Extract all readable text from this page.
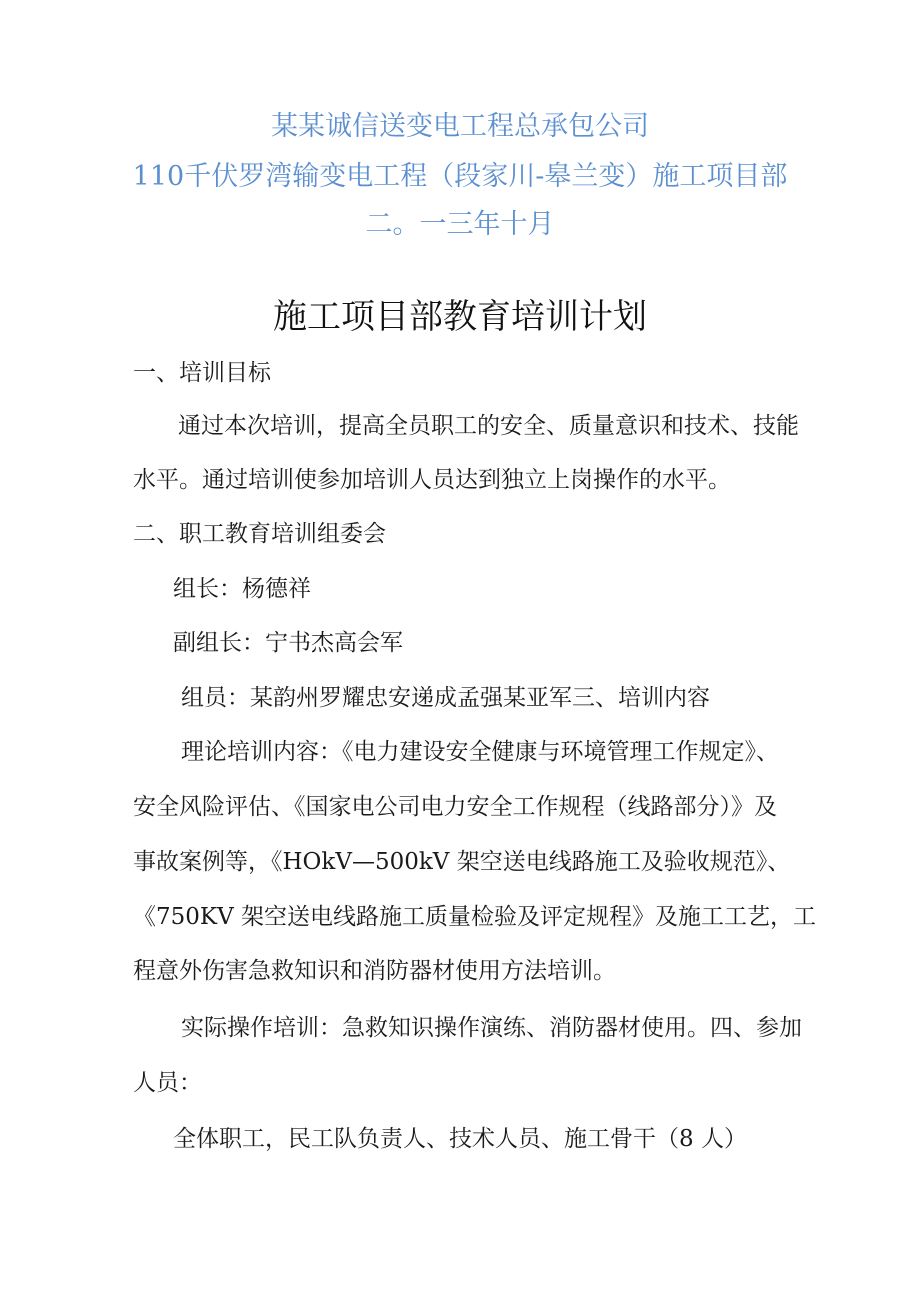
某某诚信送变电工程总承包公司
110千伏罗湾输变电工程（段家川-皋兰变）施工项目部
二。一三年十月
施工项目部教育培训计划
一、培训目标
通过本次培训，提高全员职工的安全、质量意识和技术、技能
水平。通过培训使参加培训人员达到独立上岗操作的水平。
二、职工教育培训组委会
组长：杨德祥
副组长：宁书杰高会军
组员：某韵州罗耀忠安递成孟强某亚军三、培训内容
理论培训内容：《电力建设安全健康与环境管理工作规定》、
安全风险评估、《国家电公司电力安全工作规程（线路部分）》及
事故案例等，《HOkV—500kV 架空送电线路施工及验收规范》、
《750KV 架空送电线路施工质量检验及评定规程》及施工工艺，工
程意外伤害急救知识和消防器材使用方法培训。
实际操作培训：急救知识操作演练、消防器材使用。四、参加
人员：
全体职工，民工队负责人、技术人员、施工骨干（8 人）
